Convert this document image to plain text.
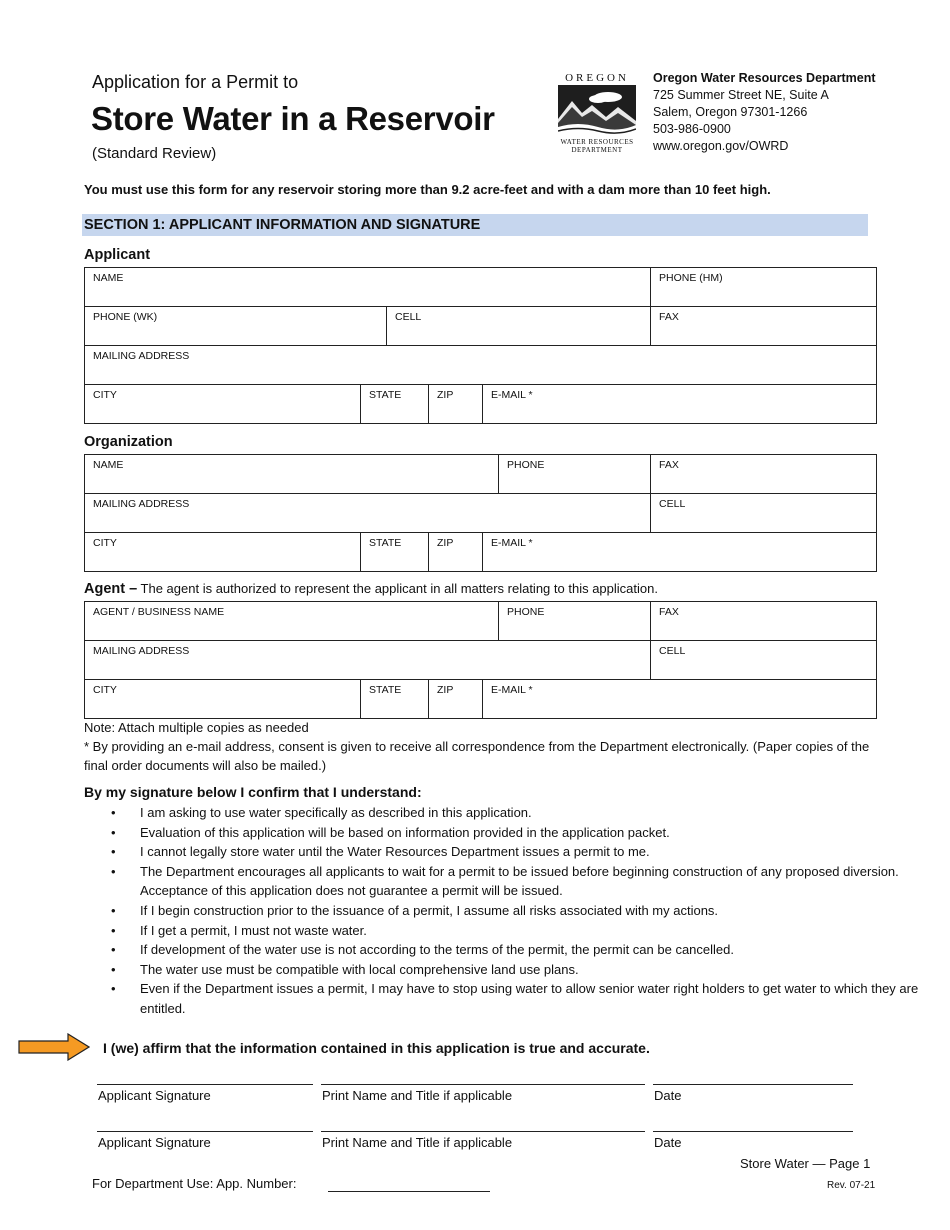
Application for a Permit to
Store Water in a Reservoir
(Standard Review)
OREGON
WATER RESOURCES
DEPARTMENT
Oregon Water Resources Department
725 Summer Street NE, Suite A
Salem, Oregon 97301-1266
503-986-0900
www.oregon.gov/OWRD
You must use this form for any reservoir storing more than 9.2 acre-feet and with a dam more than 10 feet high.
SECTION 1: APPLICANT INFORMATION AND SIGNATURE
Applicant
NAME					PHONE (HM)

PHONE (WK)		CELL			FAX

MAILING ADDRESS					

CITY	STATE		ZIP	E-MAIL *	
Organization
NAME				PHONE	FAX

MAILING ADDRESS					CELL

CITY	STATE	ZIP	E-MAIL *		
Agent – The agent is authorized to represent the applicant in all matters relating to this application.
AGENT / BUSINESS NAME				PHONE	FAX

MAILING ADDRESS					CELL

CITY	STATE	ZIP	E-MAIL *		
Note: Attach multiple copies as needed
* By providing an e-mail address, consent is given to receive all correspondence from the Department electronically. (Paper copies of the final order documents will also be mailed.)
By my signature below I confirm that I understand:
• I am asking to use water specifically as described in this application.
• Evaluation of this application will be based on information provided in the application packet.
• I cannot legally store water until the Water Resources Department issues a permit to me.
• The Department encourages all applicants to wait for a permit to be issued before beginning construction of any proposed diversion. Acceptance of this application does not guarantee a permit will be issued.
• If I begin construction prior to the issuance of a permit, I assume all risks associated with my actions.
• If I get a permit, I must not waste water.
• If development of the water use is not according to the terms of the permit, the permit can be cancelled.
• The water use must be compatible with local comprehensive land use plans.
• Even if the Department issues a permit, I may have to stop using water to allow senior water right holders to get water to which they are entitled.
I (we) affirm that the information contained in this application is true and accurate.
Applicant Signature	Print Name and Title if applicable	Date
Applicant Signature	Print Name and Title if applicable	Date
Store Water — Page 1
For Department Use: App. Number:	Rev. 07-21
